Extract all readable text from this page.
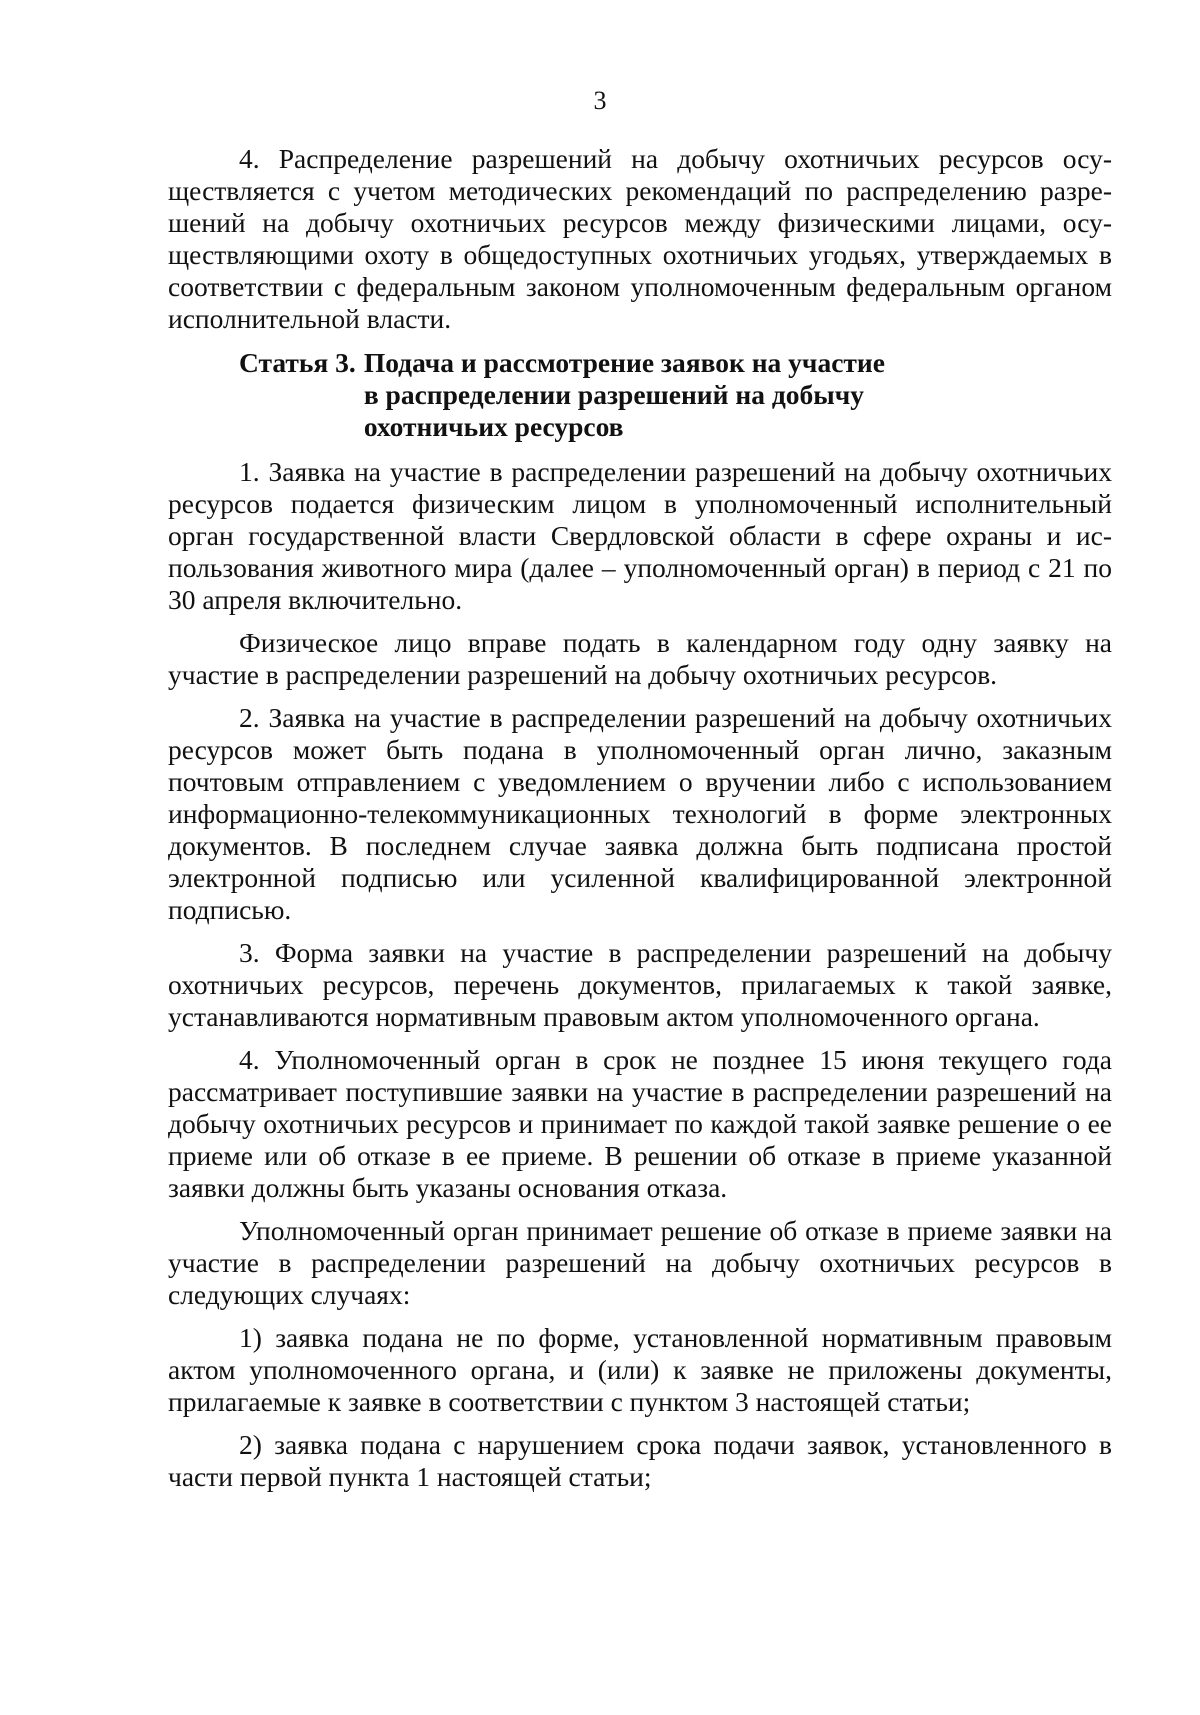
3

4. Распределение разрешений на добычу охотничьих ресурсов осуществляется с учетом методических рекомендаций по распределению разрешений на добычу охотничьих ресурсов между физическими лицами, осуществляющими охоту в общедоступных охотничьих угодьях, утверждаемых в соответствии с федеральным законом уполномоченным федеральным органом исполнительной власти.

Статья 3. Подача и рассмотрение заявок на участие в распределении разрешений на добычу охотничьих ресурсов

1. Заявка на участие в распределении разрешений на добычу охотничьих ресурсов подается физическим лицом в уполномоченный исполнительный орган государственной власти Свердловской области в сфере охраны и использования животного мира (далее – уполномоченный орган) в период с 21 по 30 апреля включительно.

Физическое лицо вправе подать в календарном году одну заявку на участие в распределении разрешений на добычу охотничьих ресурсов.

2. Заявка на участие в распределении разрешений на добычу охотничьих ресурсов может быть подана в уполномоченный орган лично, заказным почтовым отправлением с уведомлением о вручении либо с использованием информационно-телекоммуникационных технологий в форме электронных документов. В последнем случае заявка должна быть подписана простой электронной подписью или усиленной квалифицированной электронной подписью.

3. Форма заявки на участие в распределении разрешений на добычу охотничьих ресурсов, перечень документов, прилагаемых к такой заявке, устанавливаются нормативным правовым актом уполномоченного органа.

4. Уполномоченный орган в срок не позднее 15 июня текущего года рассматривает поступившие заявки на участие в распределении разрешений на добычу охотничьих ресурсов и принимает по каждой такой заявке решение о ее приеме или об отказе в ее приеме. В решении об отказе в приеме указанной заявки должны быть указаны основания отказа.

Уполномоченный орган принимает решение об отказе в приеме заявки на участие в распределении разрешений на добычу охотничьих ресурсов в следующих случаях:

1) заявка подана не по форме, установленной нормативным правовым актом уполномоченного органа, и (или) к заявке не приложены документы, прилагаемые к заявке в соответствии с пунктом 3 настоящей статьи;

2) заявка подана с нарушением срока подачи заявок, установленного в части первой пункта 1 настоящей статьи;
